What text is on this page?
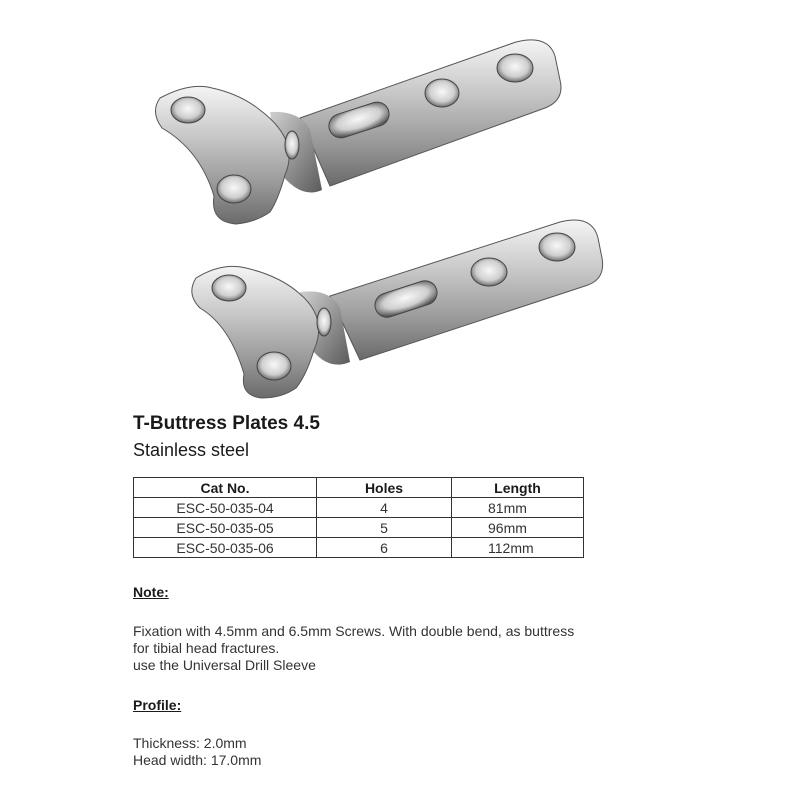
T-Buttress Plates 4.5
Stainless steel
Cat No.	Holes	Length
ESC-50-035-04	4	81mm
ESC-50-035-05	5	96mm
ESC-50-035-06	6	112mm
Note:
Fixation with 4.5mm and 6.5mm Screws. With double bend, as buttress
for tibial head fractures.
use the Universal Drill Sleeve
Profile:
Thickness: 2.0mm
Head width: 17.0mm
